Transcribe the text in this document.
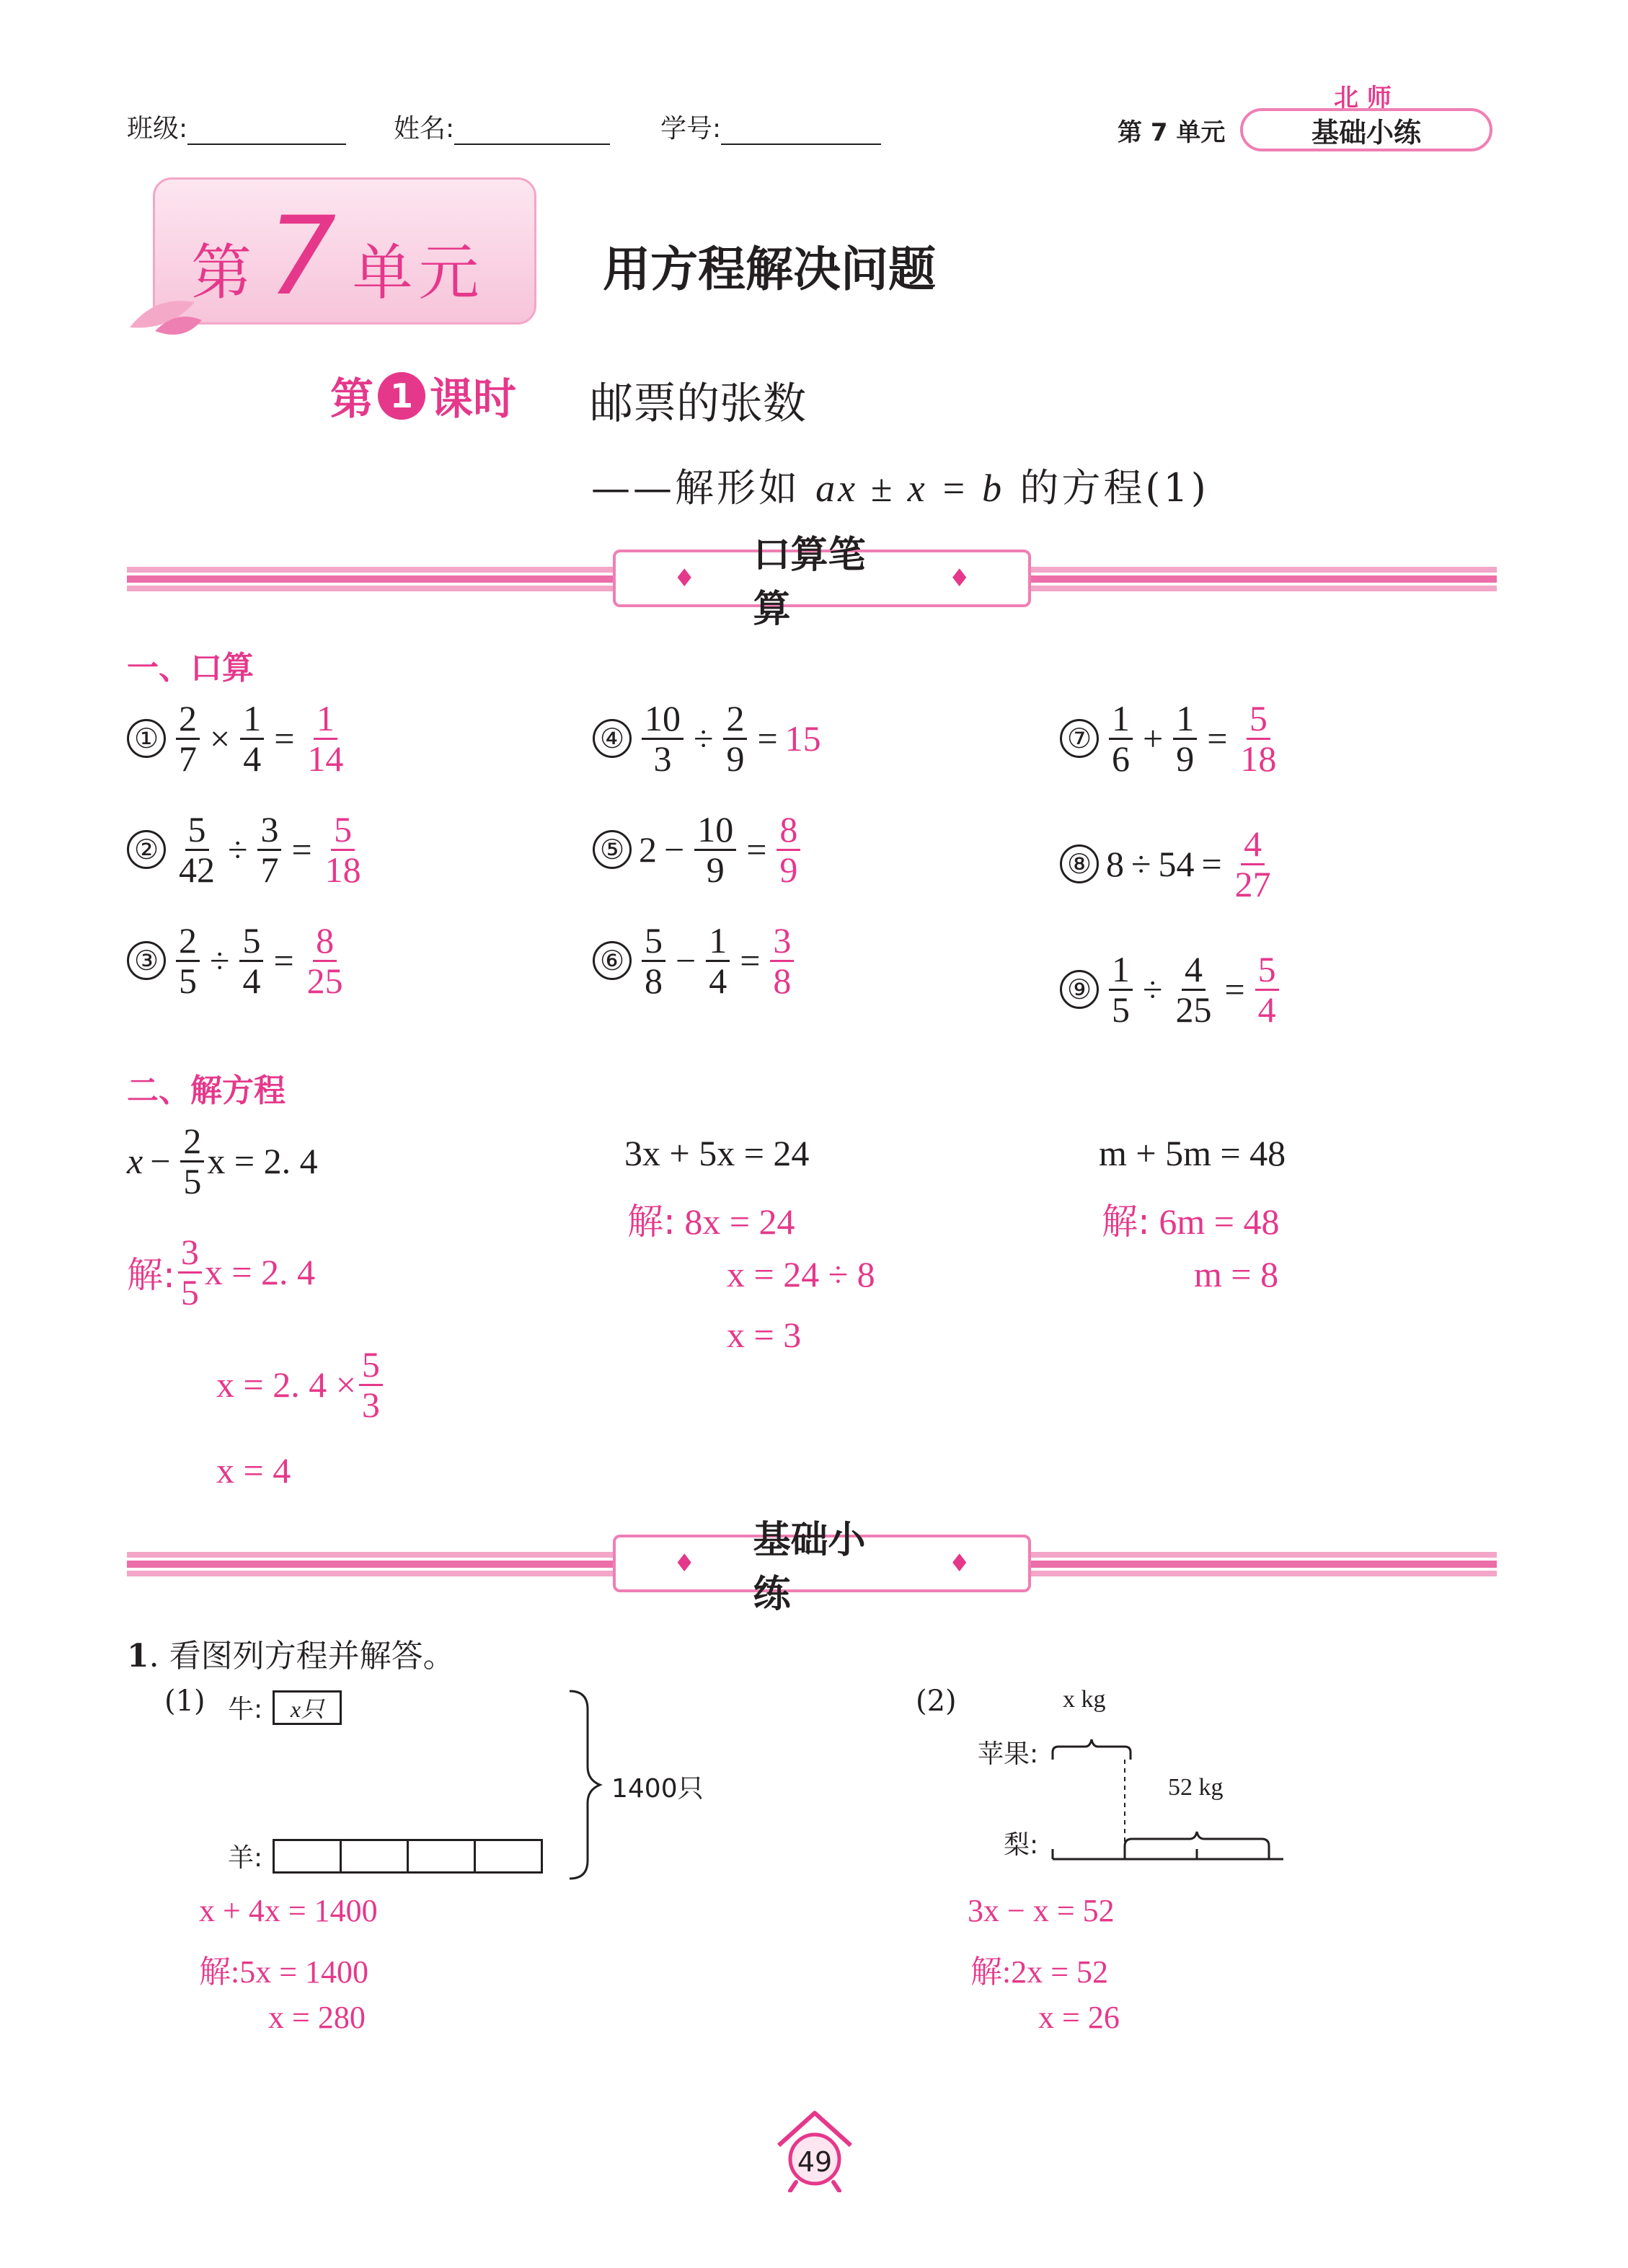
班级:	姓名:	学号:	第 7 单元
北 师
基础小练
第 7 单元 用方程解决问题
第 1 课时 邮票的张数
——解形如 ax ± x = b 的方程(1)
♦
口算笔算
♦
一、口算
① $\frac{2}{7} \times \frac{1}{4} = \frac{1}{14}$
② $\frac{5}{42} \div \frac{3}{7} = \frac{5}{18}$
③ $\frac{2}{5} \div \frac{5}{4} = \frac{8}{25}$
④ $\frac{10}{3} \div \frac{2}{9} = 15$
⑤ $2 - \frac{10}{9} = \frac{8}{9}$
⑥ $\frac{5}{8} - \frac{1}{4} = \frac{3}{8}$
⑦ $\frac{1}{6} + \frac{1}{9} = \frac{5}{18}$
⑧ $8 \div 54 = \frac{4}{27}$
⑨ $\frac{1}{5} \div \frac{4}{25} = \frac{5}{4}$
二、解方程
$x - \frac{2}{5}$ x = 2. 4
解: $\frac{3}{5}$ x = 2. 4
x = 2. $4 \times \frac{5}{3}$
x = 4
3x + 5x = 24
解: 8x = 24
x = 24 ÷ 8
x = 3
m + 5m = 48
解: 6m = 48
m = 8
♦
基础小练
♦
1. 看图列方程并解答。
(1) 牛: x只
羊:
1400只
x + 4x = 1400
解:5x = 1400
x = 280
(2)	x kg
苹果:
梨:
52 kg
3x − x = 52
解:2x = 52
x = 26
49
